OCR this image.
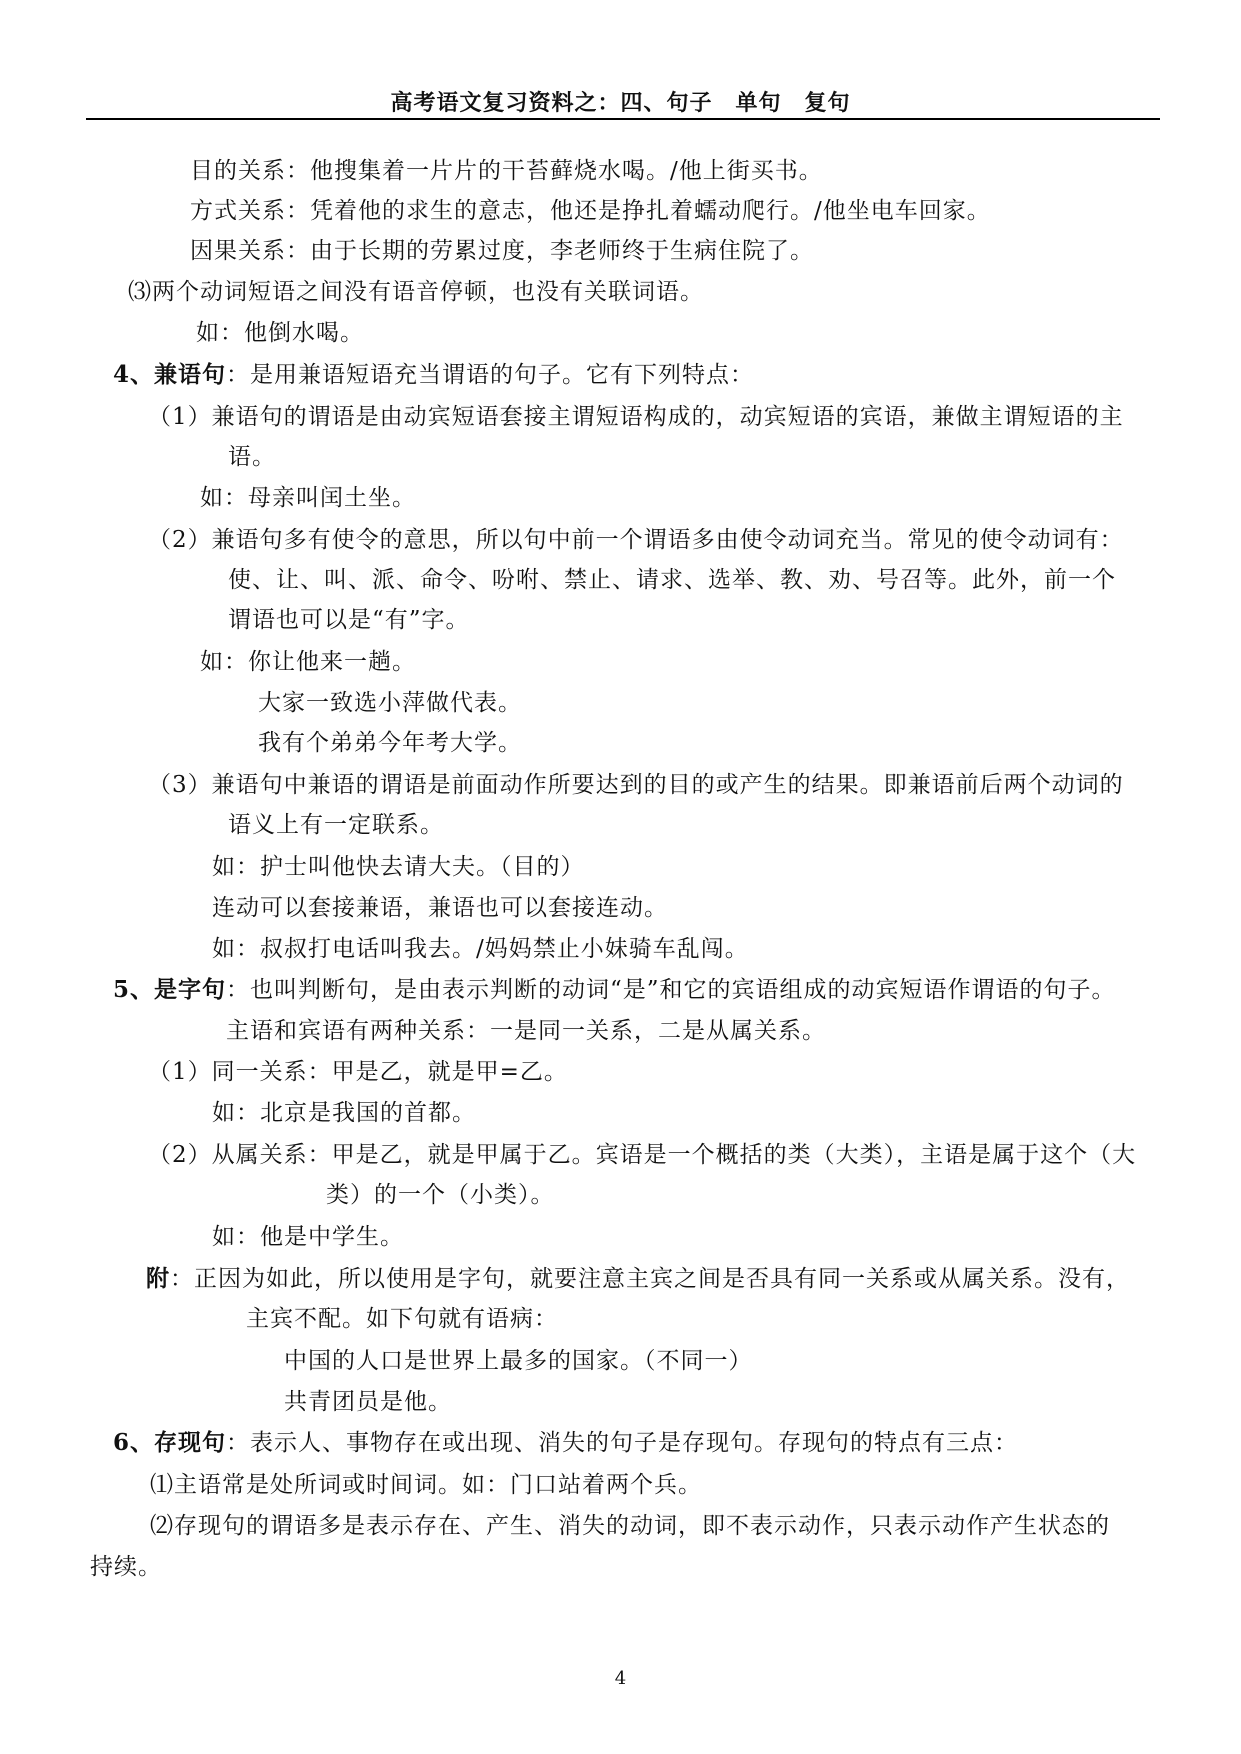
高考语文复习资料之：四、句子　单句　复句
目的关系：他搜集着一片片的干苔藓烧水喝。/他上街买书。
方式关系：凭着他的求生的意志，他还是挣扎着蠕动爬行。/他坐电车回家。
因果关系：由于长期的劳累过度，李老师终于生病住院了。
⑶两个动词短语之间没有语音停顿，也没有关联词语。
如：他倒水喝。
4、兼语句：是用兼语短语充当谓语的句子。它有下列特点：
（1）兼语句的谓语是由动宾短语套接主谓短语构成的，动宾短语的宾语，兼做主谓短语的主
语。
如：母亲叫闰土坐。
（2）兼语句多有使令的意思，所以句中前一个谓语多由使令动词充当。常见的使令动词有：
使、让、叫、派、命令、吩咐、禁止、请求、选举、教、劝、号召等。此外，前一个
谓语也可以是“有”字。
如：你让他来一趟。
大家一致选小萍做代表。
我有个弟弟今年考大学。
（3）兼语句中兼语的谓语是前面动作所要达到的目的或产生的结果。即兼语前后两个动词的
语义上有一定联系。
如：护士叫他快去请大夫。（目的）
连动可以套接兼语，兼语也可以套接连动。
如：叔叔打电话叫我去。/妈妈禁止小妹骑车乱闯。
5、是字句：也叫判断句，是由表示判断的动词“是”和它的宾语组成的动宾短语作谓语的句子。
主语和宾语有两种关系：一是同一关系，二是从属关系。
（1）同一关系：甲是乙，就是甲=乙。
如：北京是我国的首都。
（2）从属关系：甲是乙，就是甲属于乙。宾语是一个概括的类（大类），主语是属于这个（大
类）的一个（小类）。
如：他是中学生。
附：正因为如此，所以使用是字句，就要注意主宾之间是否具有同一关系或从属关系。没有，
主宾不配。如下句就有语病：
中国的人口是世界上最多的国家。（不同一）
共青团员是他。
6、存现句：表示人、事物存在或出现、消失的句子是存现句。存现句的特点有三点：
⑴主语常是处所词或时间词。如：门口站着两个兵。
⑵存现句的谓语多是表示存在、产生、消失的动词，即不表示动作，只表示动作产生状态的
持续。
4
